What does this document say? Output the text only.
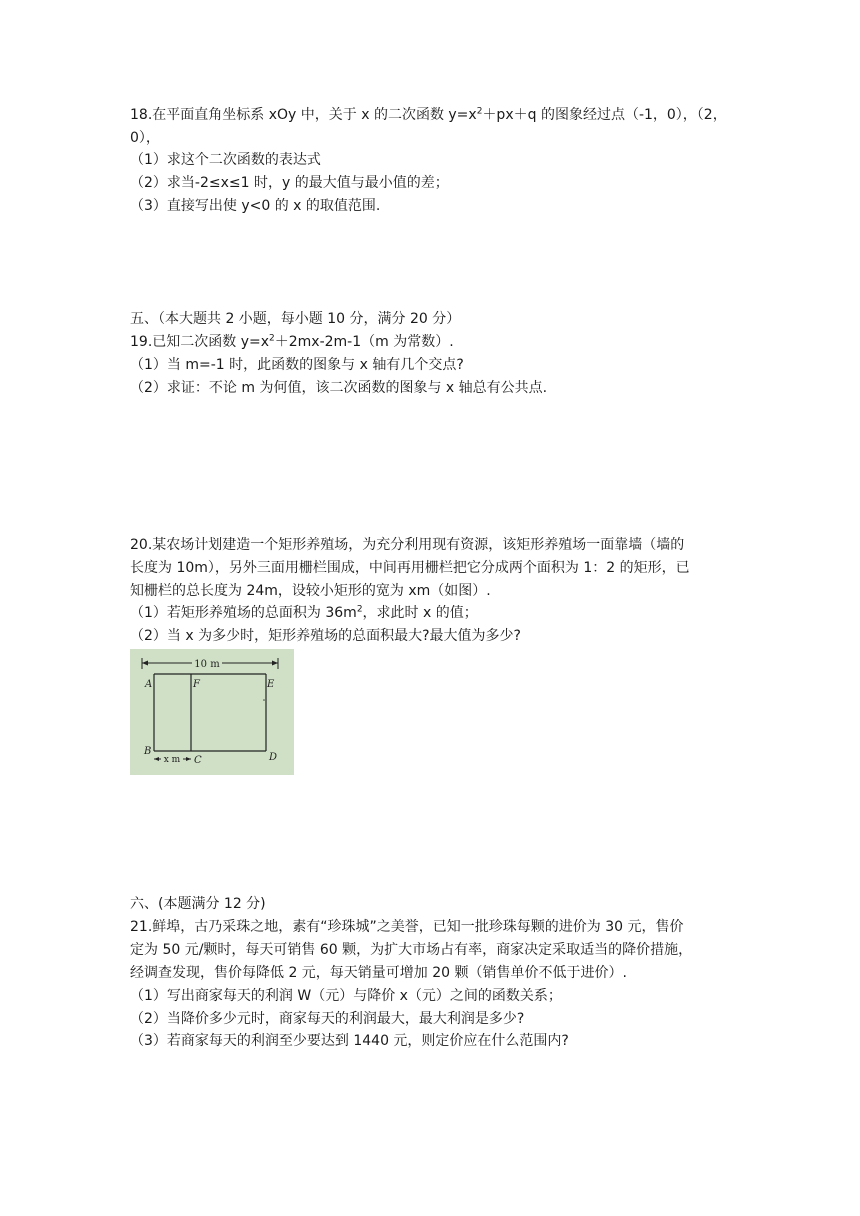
18.在平面直角坐标系 xOy 中，关于 x 的二次函数 $y=x^2+px+q$ 的图象经过点（-1，0），（2，
0），
（1）求这个二次函数的表达式
（2）求当-2≤x≤1 时，y 的最大值与最小值的差；
（3）直接写出使 y<0 的 x 的取值范围.
五、（本大题共 2 小题，每小题 10 分，满分 20 分）
19.已知二次函数 $y=x^2+2mx-2m-1(m$ 为常数）.
（1）当 m=-1 时，此函数的图象与 x 轴有几个交点?
（2）求证：不论 m 为何值，该二次函数的图象与 x 轴总有公共点.
20.某农场计划建造一个矩形养殖场，为充分利用现有资源，该矩形养殖场一面靠墙（墙的
长度为 10m），另外三面用栅栏围成，中间再用栅栏把它分成两个面积为 1：2 的矩形，已
知栅栏的总长度为 24m，设较小矩形的宽为 xm（如图）.
（1）若矩形养殖场的总面积为 $36m^2$，求此时 x 的值；
（2）当 x 为多少时，矩形养殖场的总面积最大?最大值为多少?
10 m
A	F	E
B
D
C
x m
六、(本题满分 12 分)
21.鲜埠，古乃采珠之地，素有“珍珠城”之美誉，已知一批珍珠每颗的进价为 30 元，售价
定为 50 元/颗时，每天可销售 60 颗，为扩大市场占有率，商家决定采取适当的降价措施，
经调查发现，售价每降低 2 元，每天销量可增加 20 颗（销售单价不低于进价）.
（1）写出商家每天的利润 W（元）与降价 x（元）之间的函数关系；
（2）当降价多少元时，商家每天的利润最大，最大利润是多少?
（3）若商家每天的利润至少要达到 1440 元，则定价应在什么范围内?
